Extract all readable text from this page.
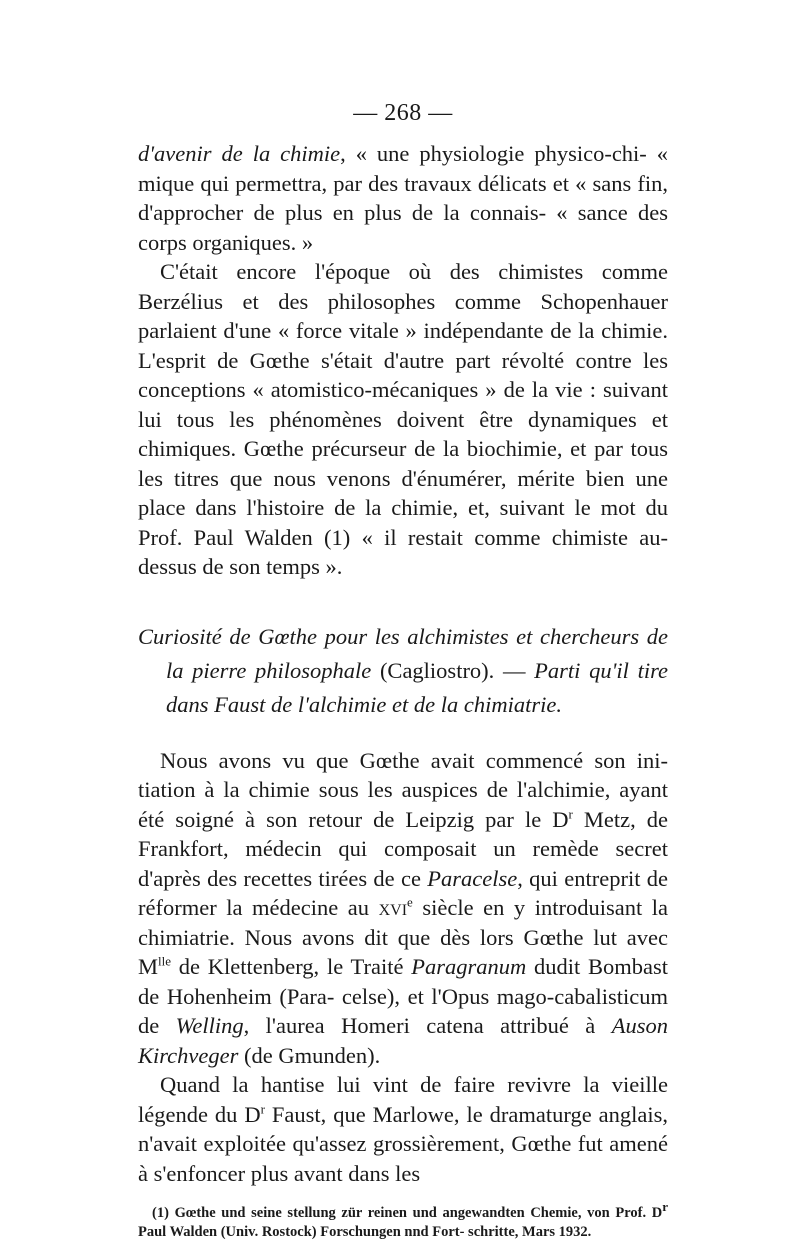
— 268 —

d'avenir de la chimie, « une physiologie physico-chi- « mique qui permettra, par des travaux délicats et « sans fin, d'approcher de plus en plus de la connais- « sance des corps organiques. »

C'était encore l'époque où des chimistes comme Berzélius et des philosophes comme Schopenhauer parlaient d'une « force vitale » indépendante de la chimie. L'esprit de Gœthe s'était d'autre part révolté contre les conceptions « atomistico-mécaniques » de la vie : suivant lui tous les phénomènes doivent être dynamiques et chimiques. Gœthe précurseur de la biochimie, et par tous les titres que nous venons d'énumérer, mérite bien une place dans l'histoire de la chimie, et, suivant le mot du Prof. Paul Walden (1) « il restait comme chimiste au-dessus de son temps ».

Curiosité de Gœthe pour les alchimistes et chercheurs de la pierre philosophale (Cagliostro). — Parti qu'il tire dans Faust de l'alchimie et de la chimiatrie.

Nous avons vu que Gœthe avait commencé son ini- tiation à la chimie sous les auspices de l'alchimie, ayant été soigné à son retour de Leipzig par le $D^r$ Metz, de Frankfort, médecin qui composait un remède secret d'après des recettes tirées de ce Paracelse, qui entreprit de réformer la médecine au xvi$^e$ siècle en y introduisant la chimiatrie. Nous avons dit que dès lors Gœthe lut avec $M^{lle}$ de Klettenberg, le Traité Paragranum dudit Bombast de Hohenheim (Para- celse), et l'Opus mago-cabalisticum de Welling, l'aurea Homeri catena attribué à Auson Kirchveger (de Gmunden).

Quand la hantise lui vint de faire revivre la vieille légende du $D^r$ Faust, que Marlowe, le dramaturge anglais, n'avait exploitée qu'assez grossièrement, Gœthe fut amené à s'enfoncer plus avant dans les

(1) Gœthe und seine stellung zür reinen und angewandten Chemie, von Prof. Dr Paul Walden (Univ. Rostock) Forschungen nnd Fort- schritte, Mars 1932.
